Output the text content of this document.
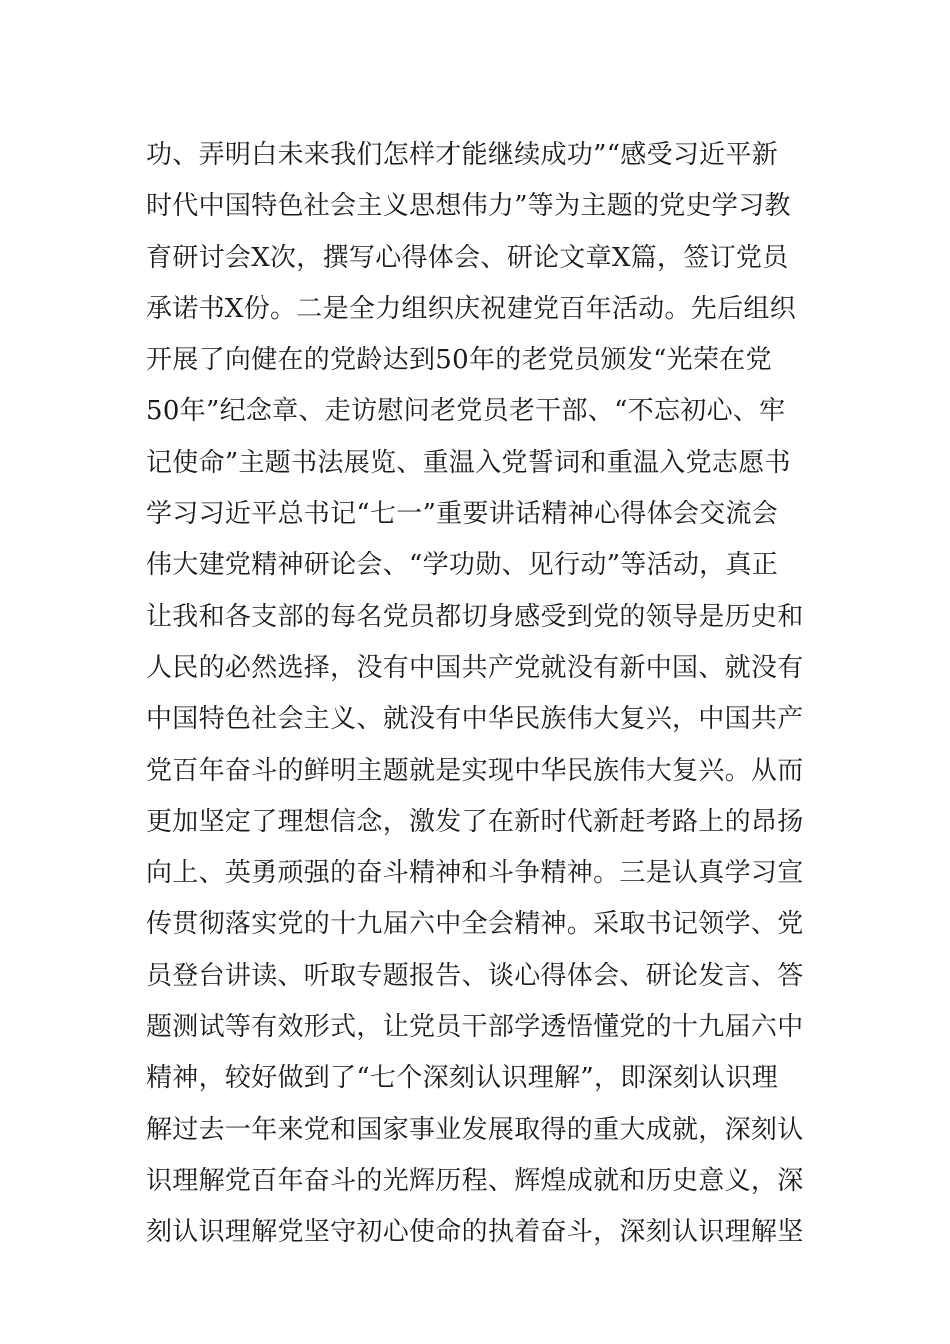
功、弄明白未来我们怎样才能继续成功”“感受习近平新
时代中国特色社会主义思想伟力”等为主题的党史学习教
育研讨会X次，撰写心得体会、研论文章X篇，签订党员
承诺书X份。二是全力组织庆祝建党百年活动。先后组织
开展了向健在的党龄达到50年的老党员颁发“光荣在党
50年”纪念章、走访慰问老党员老干部、“不忘初心、牢
记使命”主题书法展览、重温入党誓词和重温入党志愿书
学习习近平总书记“七一”重要讲话精神心得体会交流会
伟大建党精神研论会、“学功勋、见行动”等活动，真正
让我和各支部的每名党员都切身感受到党的领导是历史和
人民的必然选择，没有中国共产党就没有新中国、就没有
中国特色社会主义、就没有中华民族伟大复兴，中国共产
党百年奋斗的鲜明主题就是实现中华民族伟大复兴。从而
更加坚定了理想信念，激发了在新时代新赶考路上的昂扬
向上、英勇顽强的奋斗精神和斗争精神。三是认真学习宣
传贯彻落实党的十九届六中全会精神。采取书记领学、党
员登台讲读、听取专题报告、谈心得体会、研论发言、答
题测试等有效形式，让党员干部学透悟懂党的十九届六中
精神，较好做到了“七个深刻认识理解”，即深刻认识理
解过去一年来党和国家事业发展取得的重大成就，深刻认
识理解党百年奋斗的光辉历程、辉煌成就和历史意义，深
刻认识理解党坚守初心使命的执着奋斗，深刻认识理解坚
